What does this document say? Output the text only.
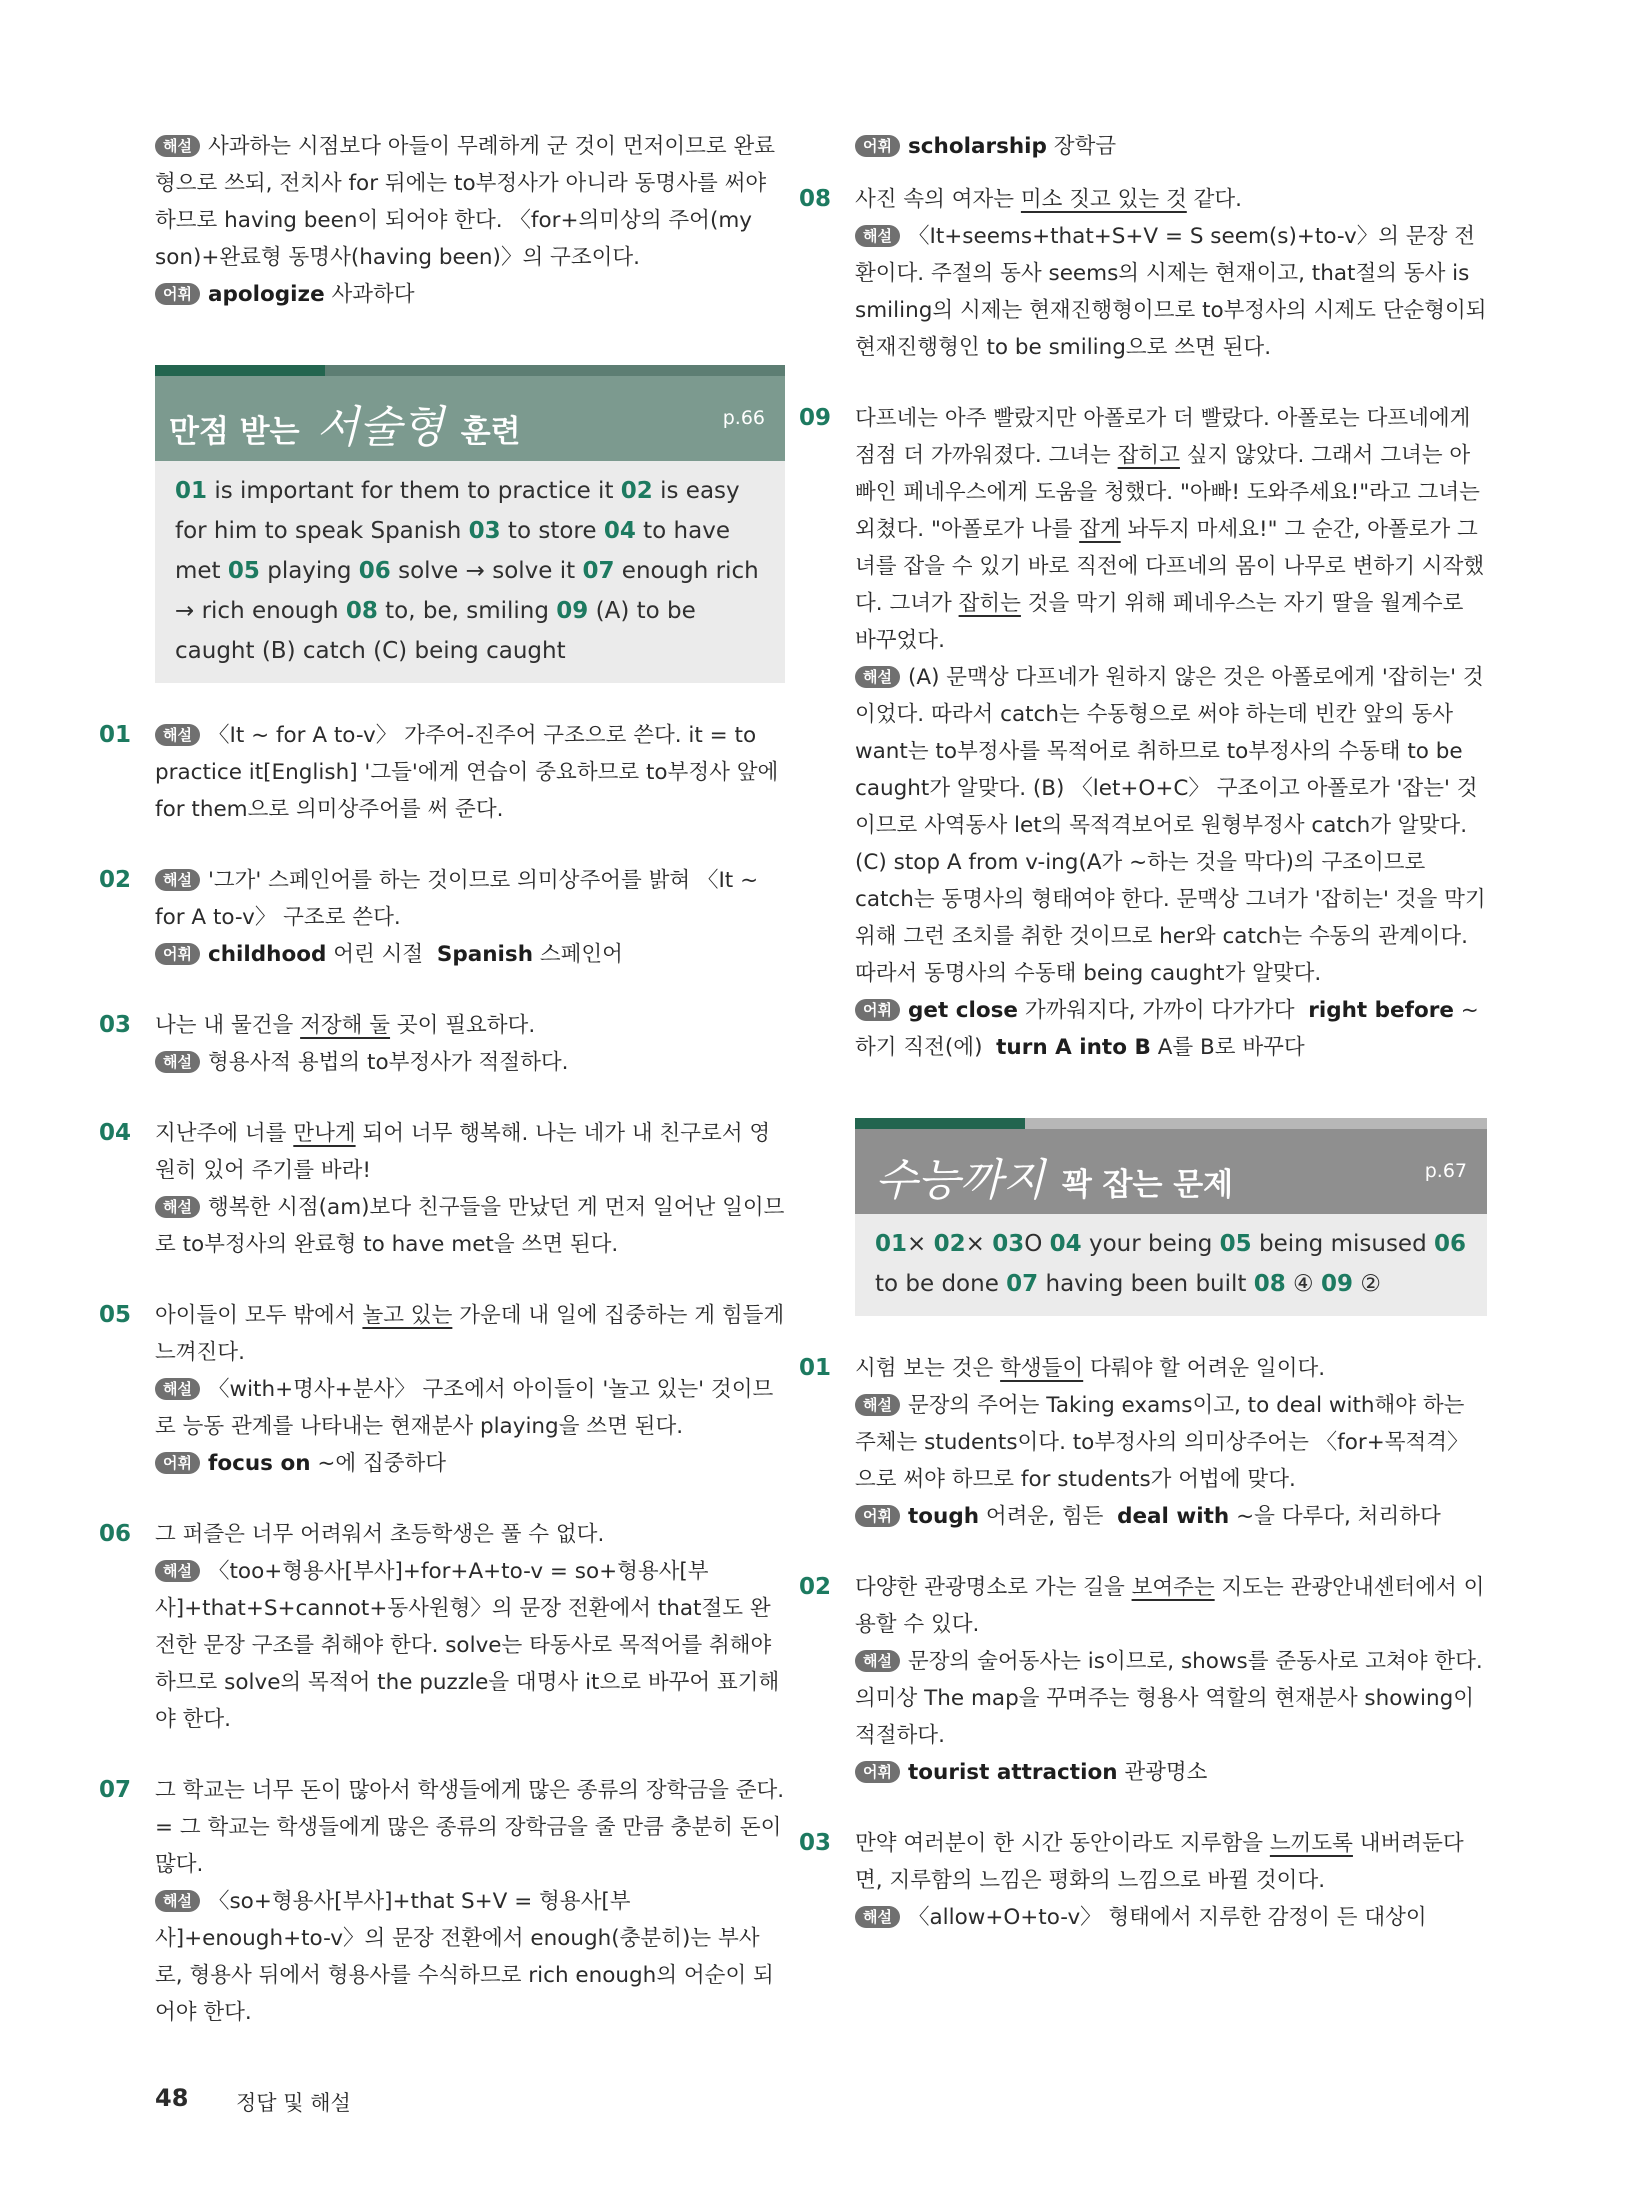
해설 사과하는 시점보다 아들이 무례하게 군 것이 먼저이므로 완료형으로 쓰되, 전치사 for 뒤에는 to부정사가 아니라 동명사를 써야 하므로 having been이 되어야 한다. 〈for+의미상의 주어(my son)+완료형 동명사(having been)〉의 구조이다.

어휘 apologize 사과하다

만점 받는 서술형 훈련	p.66
01 is important for them to practice it 02 is easy for him to speak Spanish 03 to store 04 to have met 05 playing 06 solve → solve it 07 enough rich → rich enough 08 to, be, smiling 09 (A) to be caught (B) catch (C) being caught
01	해설 〈It ~ for A to-v〉 가주어-진주어 구조으로 쓴다. it = to practice it[English] '그들'에게 연습이 중요하므로 to부정사 앞에 for them으로 의미상주어를 써 준다.

02	해설 '그가' 스페인어를 하는 것이므로 의미상주어를 밝혀 〈It ~ for A to-v〉 구조로 쓴다.

어휘 childhood 어린 시절 Spanish 스페인어

03 나는 내 물건을 저장해 둘 곳이 필요하다.

해설 형용사적 용법의 to부정사가 적절하다.

04 지난주에 너를 만나게 되어 너무 행복해. 나는 네가 내 친구로서 영원히 있어 주기를 바라!

해설 행복한 시점(am)보다 친구들을 만났던 게 먼저 일어난 일이므로 to부정사의 완료형 to have met을 쓰면 된다.

05 아이들이 모두 밖에서 놀고 있는 가운데 내 일에 집중하는 게 힘들게 느껴진다.

해설 〈with+명사+분사〉 구조에서 아이들이 '놀고 있는' 것이므로 능동 관계를 나타내는 현재분사 playing을 쓰면 된다.

어휘 focus on ~에 집중하다

06 그 퍼즐은 너무 어려워서 초등학생은 풀 수 없다.

해설 〈too+형용사[부사]+for+A+to-v = so+형용사[부사]+that+S+cannot+동사원형〉의 문장 전환에서 that절도 완전한 문장 구조를 취해야 한다. solve는 타동사로 목적어를 취해야 하므로 solve의 목적어 the puzzle을 대명사 it으로 바꾸어 표기해야 한다.

07 그 학교는 너무 돈이 많아서 학생들에게 많은 종류의 장학금을 준다. = 그 학교는 학생들에게 많은 종류의 장학금을 줄 만큼 충분히 돈이 많다.

해설 〈so+형용사[부사]+that S+V = 형용사[부사]+enough+to-v〉의 문장 전환에서 enough(충분히)는 부사로, 형용사 뒤에서 형용사를 수식하므로 rich enough의 어순이 되어야 한다.

어휘 scholarship 장학금

08 사진 속의 여자는 미소 짓고 있는 것 같다.

해설 〈It+seems+that+S+V = S seem(s)+to-v〉의 문장 전환이다. 주절의 동사 seems의 시제는 현재이고, that절의 동사 is smiling의 시제는 현재진행형이므로 to부정사의 시제도 단순형이되 현재진행형인 to be smiling으로 쓰면 된다.

09 다프네는 아주 빨랐지만 아폴로가 더 빨랐다. 아폴로는 다프네에게 점점 더 가까워졌다. 그녀는 잡히고 싶지 않았다. 그래서 그녀는 아빠인 페네우스에게 도움을 청했다. "아빠! 도와주세요!"라고 그녀는 외쳤다. "아폴로가 나를 잡게 놔두지 마세요!" 그 순간, 아폴로가 그녀를 잡을 수 있기 바로 직전에 다프네의 몸이 나무로 변하기 시작했다. 그녀가 잡히는 것을 막기 위해 페네우스는 자기 딸을 월계수로 바꾸었다.

해설 (A) 문맥상 다프네가 원하지 않은 것은 아폴로에게 '잡히는' 것이었다. 따라서 catch는 수동형으로 써야 하는데 빈칸 앞의 동사 want는 to부정사를 목적어로 취하므로 to부정사의 수동태 to be caught가 알맞다. (B) 〈let+O+C〉 구조이고 아폴로가 '잡는' 것이므로 사역동사 let의 목적격보어로 원형부정사 catch가 알맞다. (C) stop A from v-ing(A가 ~하는 것을 막다)의 구조이므로 catch는 동명사의 형태여야 한다. 문맥상 그녀가 '잡히는' 것을 막기 위해 그런 조치를 취한 것이므로 her와 catch는 수동의 관계이다. 따라서 동명사의 수동태 being caught가 알맞다.

어휘 get close 가까워지다, 가까이 다가가다 right before ~하기 직전(에) turn A into B A를 B로 바꾸다

수능까지 꽉 잡는 문제	p.67
01× 02× 03O 04 your being 05 being misused 06 to be done 07 having been built 08 ④ 09 ②
01 시험 보는 것은 학생들이 다뤄야 할 어려운 일이다.

해설 문장의 주어는 Taking exams이고, to deal with해야 하는 주체는 students이다. to부정사의 의미상주어는 〈for+목적격〉으로 써야 하므로 for students가 어법에 맞다.

어휘 tough 어려운, 힘든 deal with ~을 다루다, 처리하다

02 다양한 관광명소로 가는 길을 보여주는 지도는 관광안내센터에서 이용할 수 있다.

해설 문장의 술어동사는 is이므로, shows를 준동사로 고쳐야 한다. 의미상 The map을 꾸며주는 형용사 역할의 현재분사 showing이 적절하다.

어휘 tourist attraction 관광명소

03 만약 여러분이 한 시간 동안이라도 지루함을 느끼도록 내버려둔다면, 지루함의 느낌은 평화의 느낌으로 바뀔 것이다.

해설 〈allow+O+to-v〉 형태에서 지루한 감정이 든 대상이

48 정답 및 해설
